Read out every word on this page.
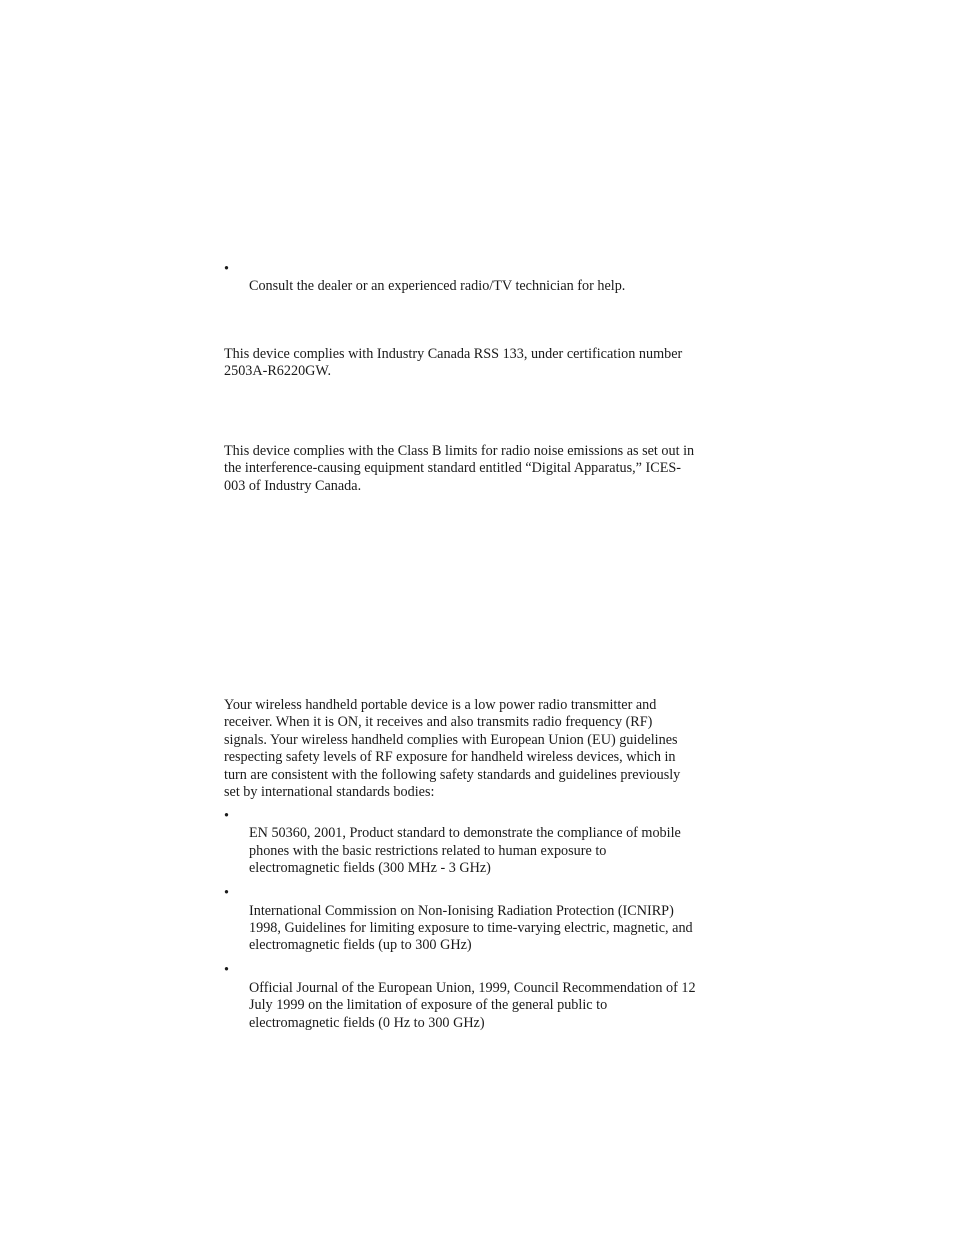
•
Consult the dealer or an experienced radio/TV technician for help.

This device complies with Industry Canada RSS 133, under certification number
2503A-R6220GW.

This device complies with the Class B limits for radio noise emissions as set out in
the interference-causing equipment standard entitled “Digital Apparatus,” ICES-
003 of Industry Canada.

Your wireless handheld portable device is a low power radio transmitter and
receiver. When it is ON, it receives and also transmits radio frequency (RF)
signals. Your wireless handheld complies with European Union (EU) guidelines
respecting safety levels of RF exposure for handheld wireless devices, which in
turn are consistent with the following safety standards and guidelines previously
set by international standards bodies:

•
EN 50360, 2001, Product standard to demonstrate the compliance of mobile
phones with the basic restrictions related to human exposure to
electromagnetic fields (300 MHz - 3 GHz)

•
International Commission on Non-Ionising Radiation Protection (ICNIRP)
1998, Guidelines for limiting exposure to time-varying electric, magnetic, and
electromagnetic fields (up to 300 GHz)

•
Official Journal of the European Union, 1999, Council Recommendation of 12
July 1999 on the limitation of exposure of the general public to
electromagnetic fields (0 Hz to 300 GHz)
